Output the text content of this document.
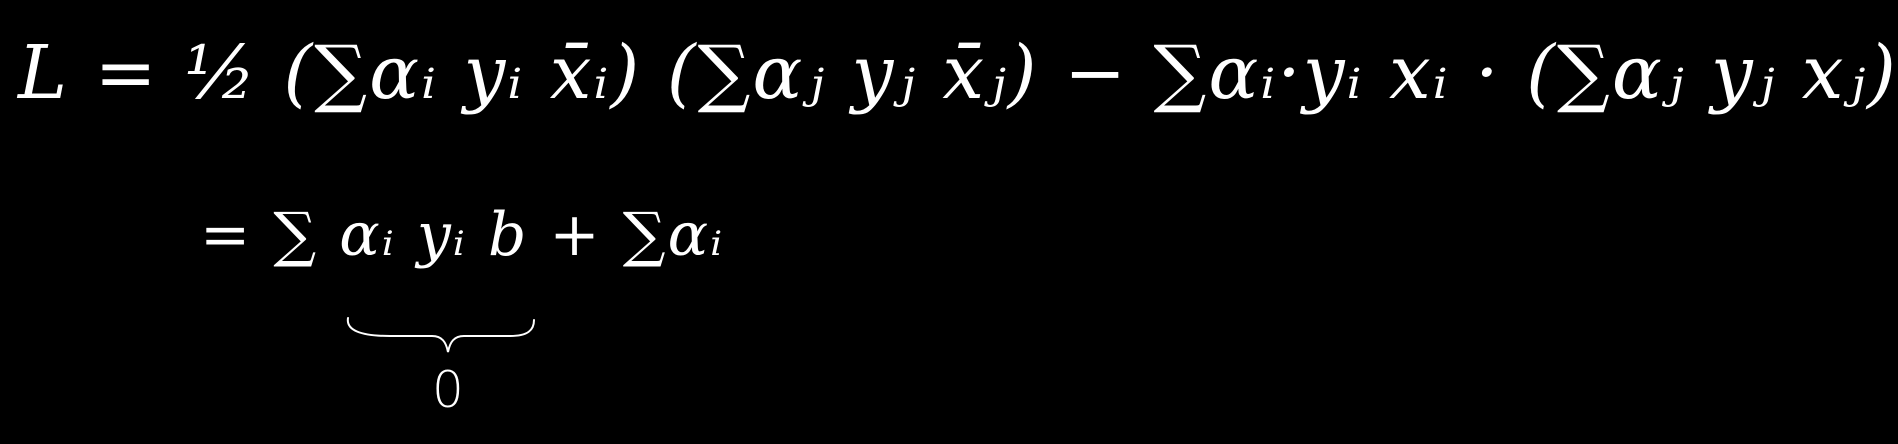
L = ½ (∑αᵢ yᵢ x̄ᵢ) (∑αⱼ yⱼ x̄ⱼ) − ∑αᵢ·yᵢ xᵢ · (∑αⱼ yⱼ xⱼ)
= ∑ αᵢ yᵢ b + ∑αᵢ
0
